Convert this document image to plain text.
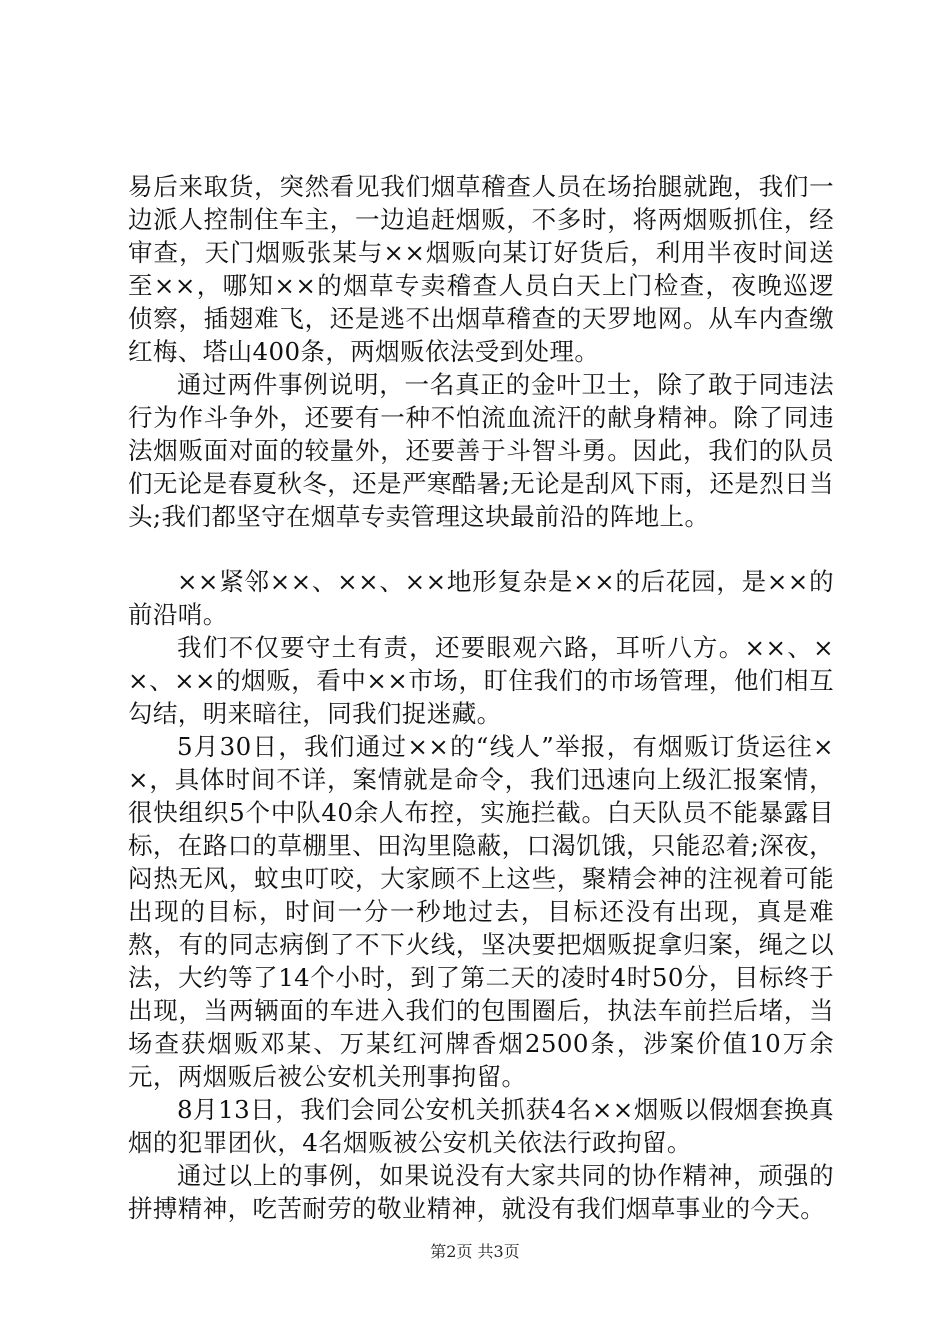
易后来取货，突然看见我们烟草稽查人员在场抬腿就跑，我们一边派人控制住车主，一边追赶烟贩，不多时，将两烟贩抓住，经审查，天门烟贩张某与××烟贩向某订好货后，利用半夜时间送至××，哪知××的烟草专卖稽查人员白天上门检查，夜晚巡逻侦察，插翅难飞，还是逃不出烟草稽查的天罗地网。从车内查缴红梅、塔山400条，两烟贩依法受到处理。

通过两件事例说明，一名真正的金叶卫士，除了敢于同违法行为作斗争外，还要有一种不怕流血流汗的献身精神。除了同违法烟贩面对面的较量外，还要善于斗智斗勇。因此，我们的队员们无论是春夏秋冬，还是严寒酷暑;无论是刮风下雨，还是烈日当头;我们都坚守在烟草专卖管理这块最前沿的阵地上。

××紧邻××、××、××地形复杂是××的后花园，是××的前沿哨。

我们不仅要守土有责，还要眼观六路，耳听八方。××、××、××的烟贩，看中××市场，盯住我们的市场管理，他们相互勾结，明来暗往，同我们捉迷藏。

5月30日，我们通过××的“线人”举报，有烟贩订货运往××，具体时间不详，案情就是命令，我们迅速向上级汇报案情，很快组织5个中队40余人布控，实施拦截。白天队员不能暴露目标，在路口的草棚里、田沟里隐蔽，口渴饥饿，只能忍着;深夜，闷热无风，蚊虫叮咬，大家顾不上这些，聚精会神的注视着可能出现的目标，时间一分一秒地过去，目标还没有出现，真是难熬，有的同志病倒了不下火线，坚决要把烟贩捉拿归案，绳之以法，大约等了14个小时，到了第二天的凌时4时50分，目标终于出现，当两辆面的车进入我们的包围圈后，执法车前拦后堵，当场查获烟贩邓某、万某红河牌香烟2500条，涉案价值10万余元，两烟贩后被公安机关刑事拘留。

8月13日，我们会同公安机关抓获4名××烟贩以假烟套换真烟的犯罪团伙，4名烟贩被公安机关依法行政拘留。

通过以上的事例，如果说没有大家共同的协作精神，顽强的拼搏精神，吃苦耐劳的敬业精神，就没有我们烟草事业的今天。

第2页 共3页
